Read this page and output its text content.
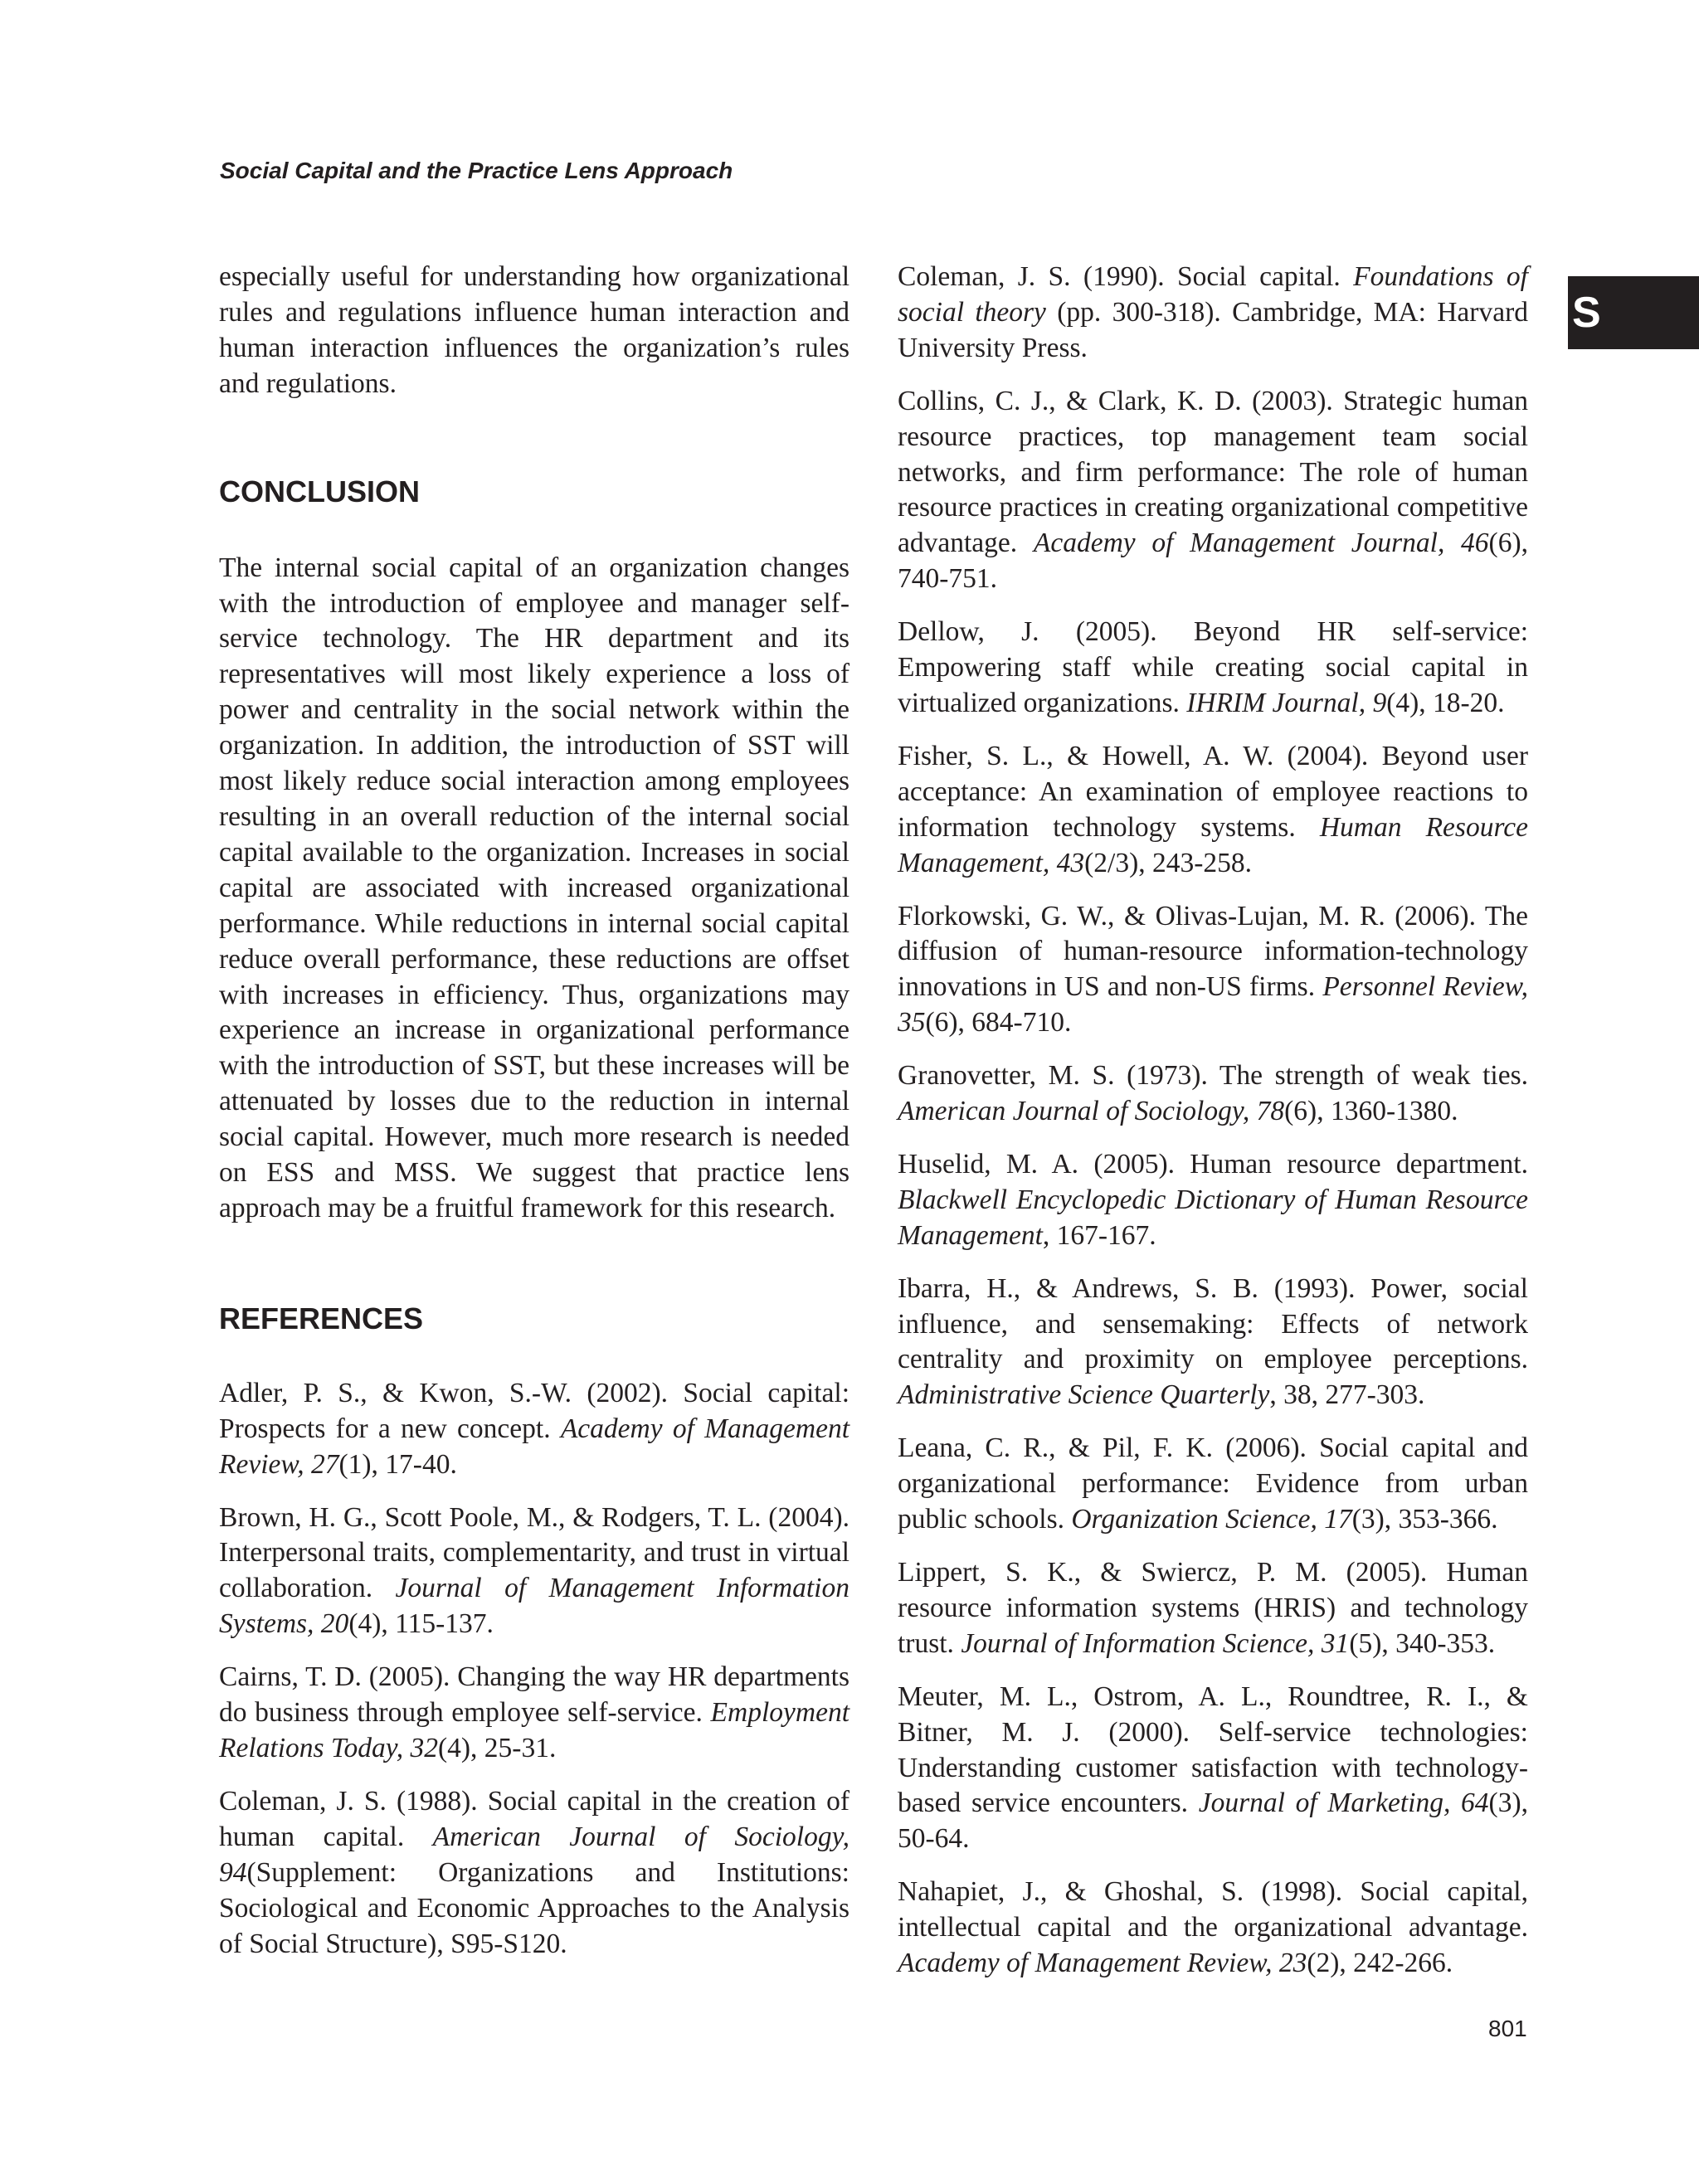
Social Capital and the Practice Lens Approach
S

especially useful for understanding how organizational rules and regulations influence human interaction and human interaction influences the organization’s rules and regulations.

CONCLUSION

The internal social capital of an organization changes with the introduction of employee and manager self-service technology. The HR department and its representatives will most likely experience a loss of power and centrality in the social network within the organization. In addition, the introduction of SST will most likely reduce social interaction among employees resulting in an overall reduction of the internal social capital available to the organization. Increases in social capital are associated with increased organizational performance. While reductions in internal social capital reduce overall performance, these reductions are offset with increases in efficiency. Thus, organizations may experience an increase in organizational performance with the introduction of SST, but these increases will be attenuated by losses due to the reduction in internal social capital. However, much more research is needed on ESS and MSS. We suggest that practice lens approach may be a fruitful framework for this research.

REFERENCES

Adler, P. S., & Kwon, S.-W. (2002). Social capital: Prospects for a new concept. Academy of Management Review, 27(1), 17-40.

Brown, H. G., Scott Poole, M., & Rodgers, T. L. (2004). Interpersonal traits, complementarity, and trust in virtual collaboration. Journal of Management Information Systems, 20(4), 115-137.

Cairns, T. D. (2005). Changing the way HR departments do business through employee self-service. Employment Relations Today, 32(4), 25-31.

Coleman, J. S. (1988). Social capital in the creation of human capital. American Journal of Sociology, 94(Supplement: Organizations and Institutions: Sociological and Economic Approaches to the Analysis of Social Structure), S95-S120.

Coleman, J. S. (1990). Social capital. Foundations of social theory (pp. 300-318). Cambridge, MA: Harvard University Press.

Collins, C. J., & Clark, K. D. (2003). Strategic human resource practices, top management team social networks, and firm performance: The role of human resource practices in creating organizational competitive advantage. Academy of Management Journal, 46(6), 740-751.

Dellow, J. (2005). Beyond HR self-service: Empowering staff while creating social capital in virtualized organizations. IHRIM Journal, 9(4), 18-20.

Fisher, S. L., & Howell, A. W. (2004). Beyond user acceptance: An examination of employee reactions to information technology systems. Human Resource Management, 43(2/3), 243-258.

Florkowski, G. W., & Olivas-Lujan, M. R. (2006). The diffusion of human-resource information-technology innovations in US and non-US firms. Personnel Review, 35(6), 684-710.

Granovetter, M. S. (1973). The strength of weak ties. American Journal of Sociology, 78(6), 1360-1380.

Huselid, M. A. (2005). Human resource department. Blackwell Encyclopedic Dictionary of Human Resource Management, 167-167.

Ibarra, H., & Andrews, S. B. (1993). Power, social influence, and sensemaking: Effects of network centrality and proximity on employee perceptions. Administrative Science Quarterly, 38, 277-303.

Leana, C. R., & Pil, F. K. (2006). Social capital and organizational performance: Evidence from urban public schools. Organization Science, 17(3), 353-366.

Lippert, S. K., & Swiercz, P. M. (2005). Human resource information systems (HRIS) and technology trust. Journal of Information Science, 31(5), 340-353.

Meuter, M. L., Ostrom, A. L., Roundtree, R. I., & Bitner, M. J. (2000). Self-service technologies: Understanding customer satisfaction with technology-based service encounters. Journal of Marketing, 64(3), 50-64.

Nahapiet, J., & Ghoshal, S. (1998). Social capital, intellectual capital and the organizational advantage. Academy of Management Review, 23(2), 242-266.

801
